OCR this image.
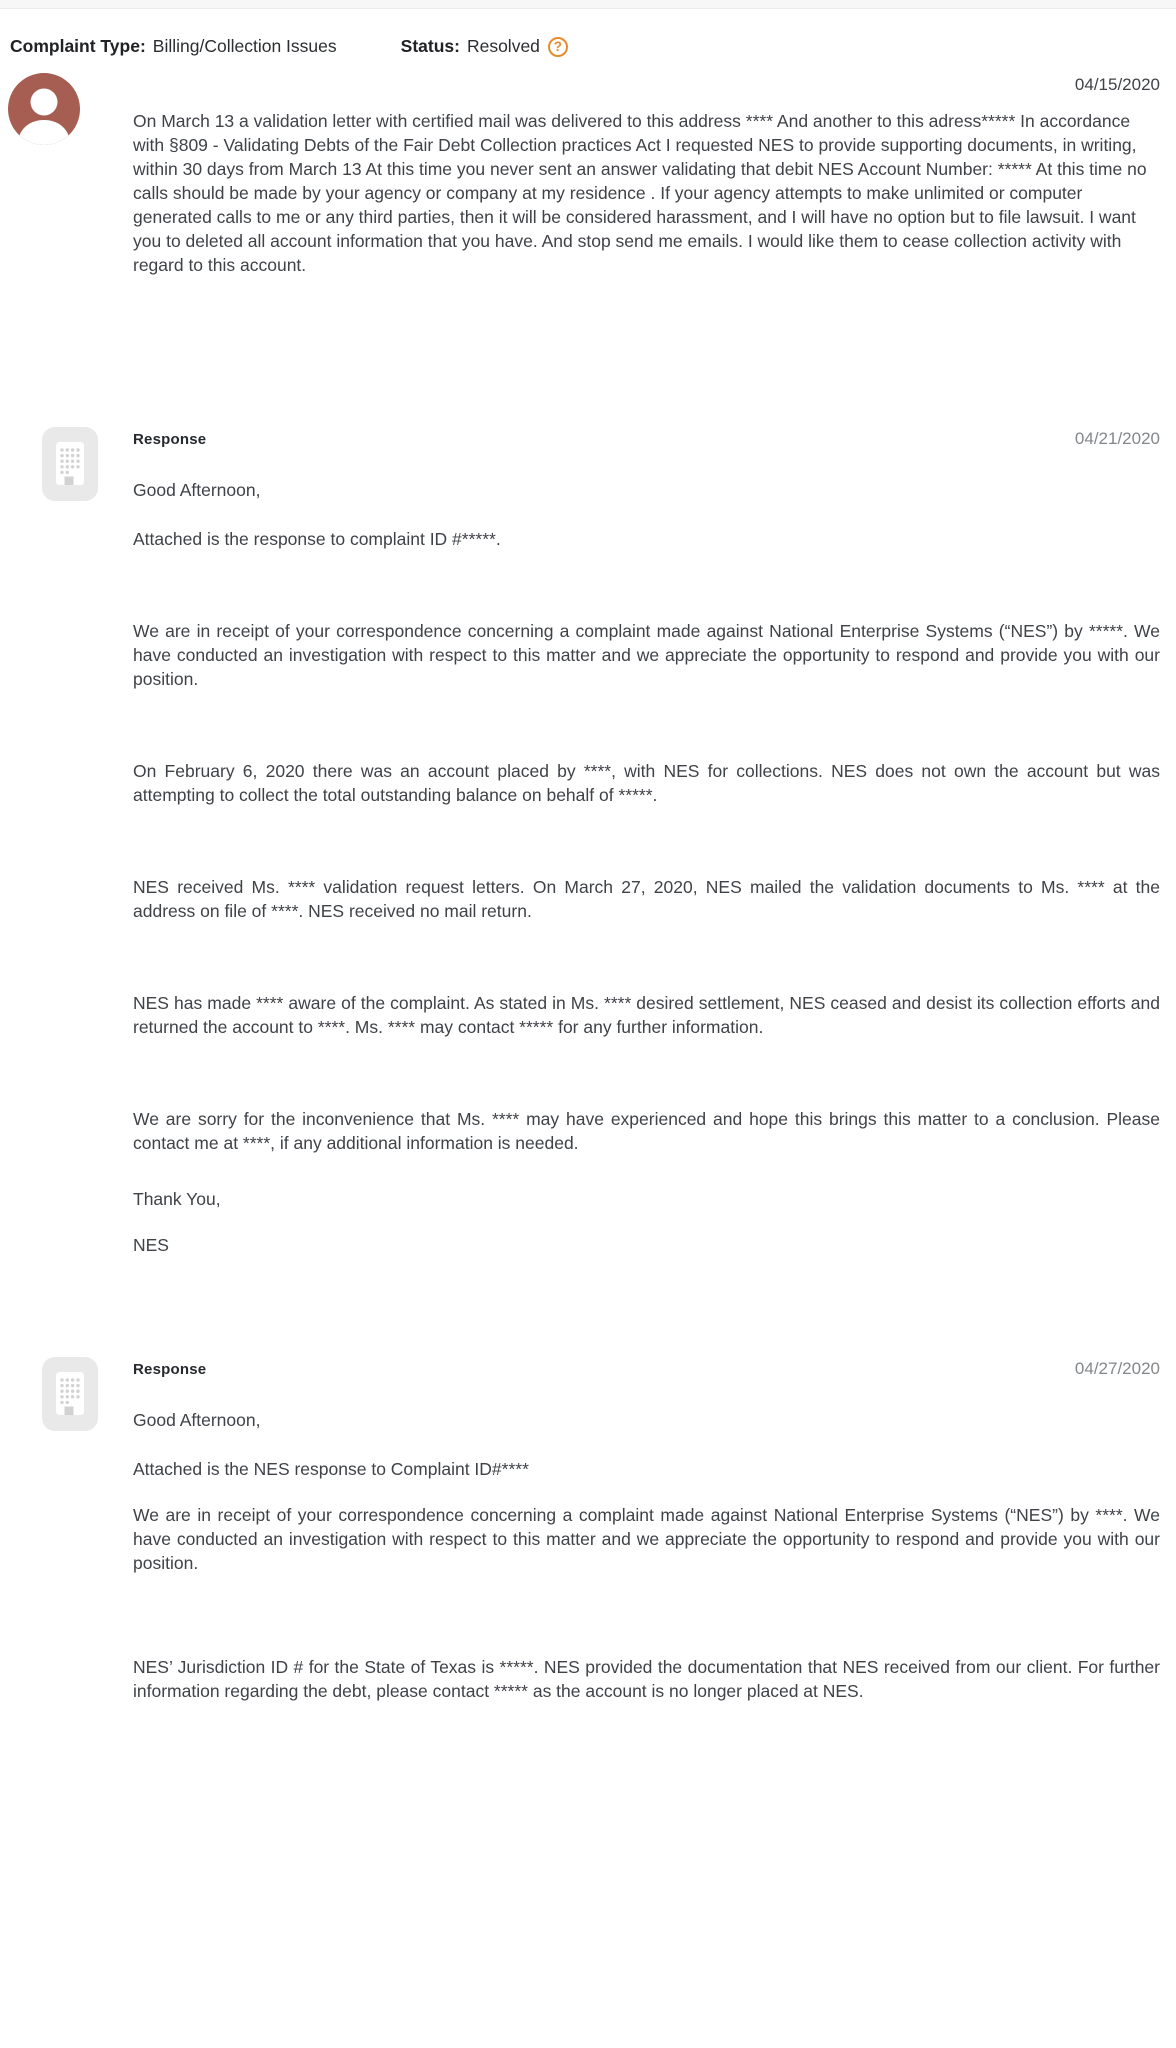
Complaint Type: Billing/Collection Issues	Status: Resolved	?
04/15/2020

On March 13 a validation letter with certified mail was delivered to this address **** And another to this adress***** In accordance with §809 - Validating Debts of the Fair Debt Collection practices Act I requested NES to provide supporting documents, in writing, within 30 days from March 13 At this time you never sent an answer validating that debit NES Account Number: ***** At this time no calls should be made by your agency or company at my residence . If your agency attempts to make unlimited or computer generated calls to me or any third parties, then it will be considered harassment, and I will have no option but to file lawsuit. I want you to deleted all account information that you have. And stop send me emails. I would like them to cease collection activity with regard to this account.

Response	04/21/2020

Good Afternoon,

Attached is the response to complaint ID #*****.

We are in receipt of your correspondence concerning a complaint made against National Enterprise Systems (“NES”) by *****. We have conducted an investigation with respect to this matter and we appreciate the opportunity to respond and provide you with our position.

On February 6, 2020 there was an account placed by ****, with NES for collections. NES does not own the account but was attempting to collect the total outstanding balance on behalf of *****.

NES received Ms. **** validation request letters. On March 27, 2020, NES mailed the validation documents to Ms. **** at the address on file of ****. NES received no mail return.

NES has made **** aware of the complaint. As stated in Ms. **** desired settlement, NES ceased and desist its collection efforts and returned the account to ****. Ms. **** may contact ***** for any further information.

We are sorry for the inconvenience that Ms. **** may have experienced and hope this brings this matter to a conclusion. Please contact me at ****, if any additional information is needed.

Thank You,

NES

Response	04/27/2020

Good Afternoon,

Attached is the NES response to Complaint ID#****

We are in receipt of your correspondence concerning a complaint made against National Enterprise Systems (“NES”) by ****. We have conducted an investigation with respect to this matter and we appreciate the opportunity to respond and provide you with our position.

NES’ Jurisdiction ID # for the State of Texas is *****. NES provided the documentation that NES received from our client. For further information regarding the debt, please contact ***** as the account is no longer placed at NES.
